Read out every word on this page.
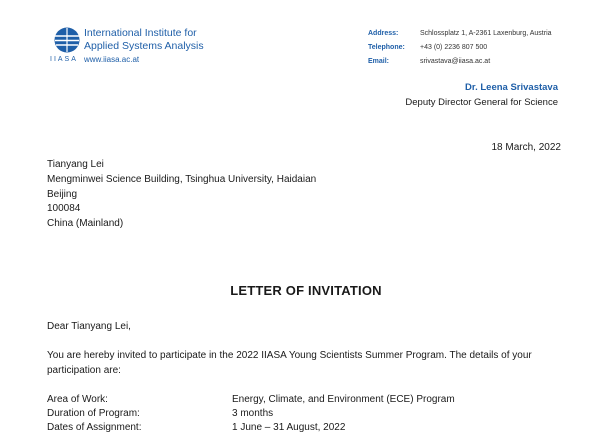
International Institute for
Applied Systems Analysis
IIASA www.iiasa.ac.at
Address:	Schlossplatz 1, A-2361 Laxenburg, Austria
Telephone: +43 (0) 2236 807 500
Email:	srivastava@iiasa.ac.at
Dr. Leena Srivastava
Deputy Director General for Science
18 March, 2022
Tianyang Lei
Mengminwei Science Building, Tsinghua University, Haidaian
Beijing
100084
China (Mainland)
LETTER OF INVITATION
Dear Tianyang Lei,
You are hereby invited to participate in the 2022 IIASA Young Scientists Summer Program. The details of your
participation are:
Area of Work:	Energy, Climate, and Environment (ECE) Program
Duration of Program:	3 months
Dates of Assignment:	1 June – 31 August, 2022
